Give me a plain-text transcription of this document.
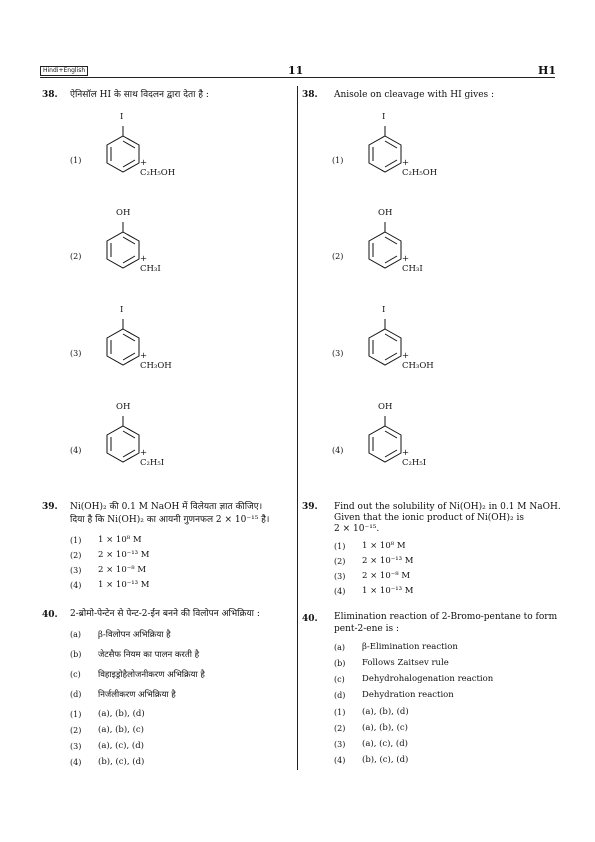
Hindi+English	11	H1
38. ऐनिसॉल HI के साथ विदलन द्वारा देता है :	38. Anisole on cleavage with HI gives :
(1)
I
+ C₂H₅OH
(2)
OH
+ CH₃I
(3)
I
+ CH₃OH
(4)
OH
+ C₂H₅I
(1)
I
+ C₂H₅OH
(2)
OH
+ CH₃I
(3)
I
+ CH₃OH
(4)
OH
+ C₂H₅I
39. Ni(OH)₂ की 0.1 M NaOH में विलेयता ज्ञात कीजिए।
दिया है कि Ni(OH)₂ का आयनी गुणनफल 2 × 10⁻¹⁵ है।
(1) 1 × 10⁸ M
(2) 2 × 10⁻¹³ M
(3) 2 × 10⁻⁸ M
(4) 1 × 10⁻¹³ M
39. Find out the solubility of Ni(OH)₂ in 0.1 M NaOH.
Given that the ionic product of Ni(OH)₂ is
2 × 10⁻¹⁵.
(1) 1 × 10⁸ M
(2) 2 × 10⁻¹³ M
(3) 2 × 10⁻⁸ M
(4) 1 × 10⁻¹³ M
40. 2-ब्रोमो-पेन्टेन से पेन्ट-2-ईन बनने की विलोपन अभिक्रिया :
(a) β-विलोपन अभिक्रिया है
(b) जेटसैफ नियम का पालन करती है
(c) विहाइड्रोहैलोजनीकरण अभिक्रिया है
(d) निर्जलीकरण अभिक्रिया है
(1) (a), (b), (d)
(2) (a), (b), (c)
(3) (a), (c), (d)
(4) (b), (c), (d)
40. Elimination reaction of 2-Bromo-pentane to form
pent-2-ene is :
(a) β-Elimination reaction
(b) Follows Zaitsev rule
(c) Dehydrohalogenation reaction
(d) Dehydration reaction
(1) (a), (b), (d)
(2) (a), (b), (c)
(3) (a), (c), (d)
(4) (b), (c), (d)
